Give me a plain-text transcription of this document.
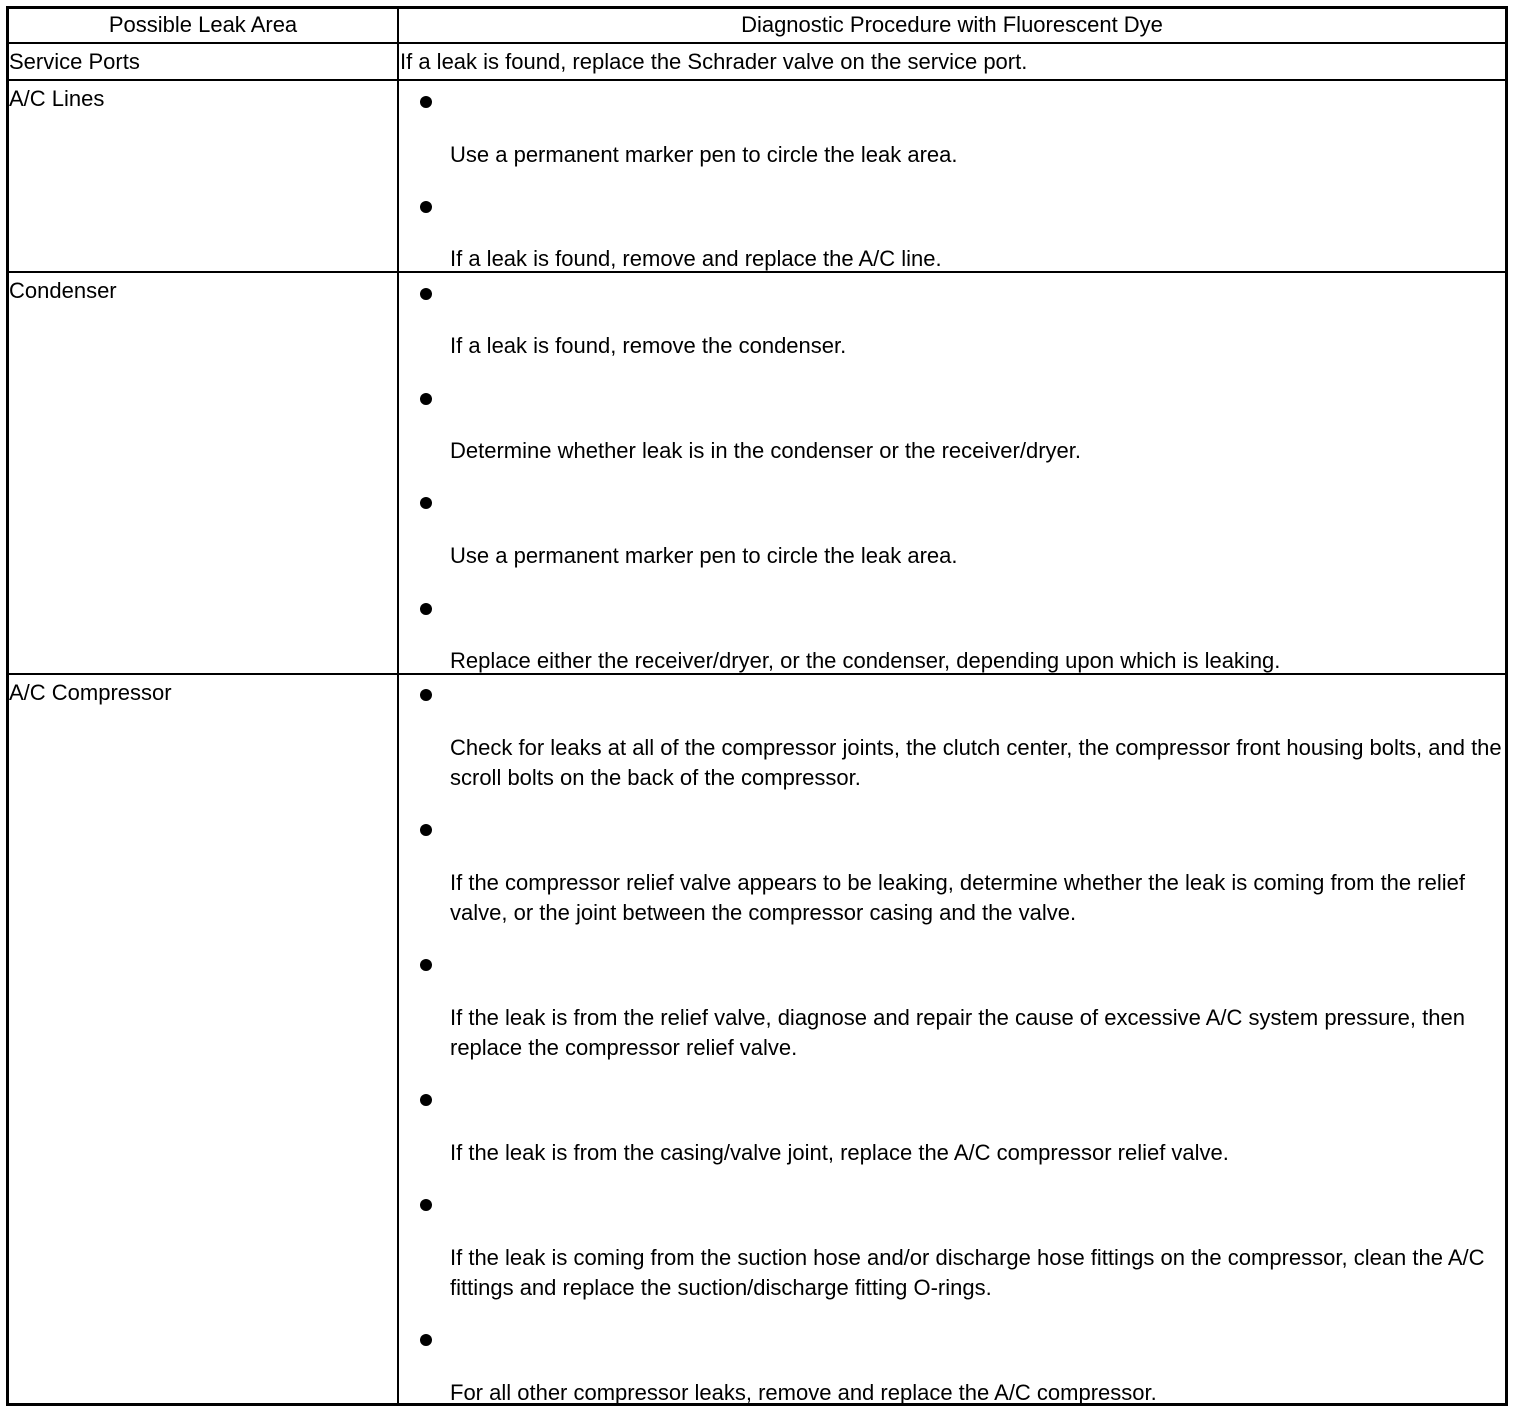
Possible Leak Area	Diagnostic Procedure with Fluorescent Dye
Service Ports	If a leak is found, replace the Schrader valve on the service port.
A/C Lines
Use a permanent marker pen to circle the leak area.
If a leak is found, remove and replace the A/C line.
Condenser
If a leak is found, remove the condenser.
Determine whether leak is in the condenser or the receiver/dryer.
Use a permanent marker pen to circle the leak area.
Replace either the receiver/dryer, or the condenser, depending upon which is leaking.
A/C Compressor
Check for leaks at all of the compressor joints, the clutch center, the compressor front housing bolts, and the scroll bolts on the back of the compressor.
If the compressor relief valve appears to be leaking, determine whether the leak is coming from the relief valve, or the joint between the compressor casing and the valve.
If the leak is from the relief valve, diagnose and repair the cause of excessive A/C system pressure, then replace the compressor relief valve.
If the leak is from the casing/valve joint, replace the A/C compressor relief valve.
If the leak is coming from the suction hose and/or discharge hose fittings on the compressor, clean the A/C fittings and replace the suction/discharge fitting O-rings.
For all other compressor leaks, remove and replace the A/C compressor.
